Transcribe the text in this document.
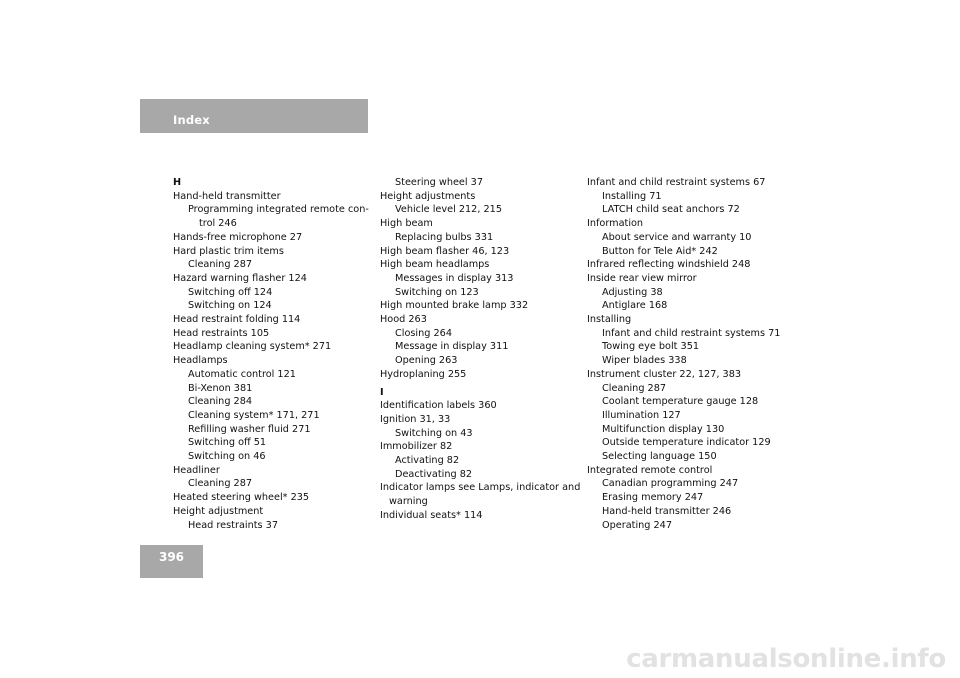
Index
H
Hand-held transmitter
Programming integrated remote con-
trol 246
Hands-free microphone 27
Hard plastic trim items
Cleaning 287
Hazard warning flasher 124
Switching off 124
Switching on 124
Head restraint folding 114
Head restraints 105
Headlamp cleaning system* 271
Headlamps
Automatic control 121
Bi-Xenon 381
Cleaning 284
Cleaning system* 171, 271
Refilling washer fluid 271
Switching off 51
Switching on 46
Headliner
Cleaning 287
Heated steering wheel* 235
Height adjustment
Head restraints 37
Steering wheel 37
Height adjustments
Vehicle level 212, 215
High beam
Replacing bulbs 331
High beam flasher 46, 123
High beam headlamps
Messages in display 313
Switching on 123
High mounted brake lamp 332
Hood 263
Closing 264
Message in display 311
Opening 263
Hydroplaning 255
I
Identification labels 360
Ignition 31, 33
Switching on 43
Immobilizer 82
Activating 82
Deactivating 82
Indicator lamps see Lamps, indicator and
warning
Individual seats* 114
Infant and child restraint systems 67
Installing 71
LATCH child seat anchors 72
Information
About service and warranty 10
Button for Tele Aid* 242
Infrared reflecting windshield 248
Inside rear view mirror
Adjusting 38
Antiglare 168
Installing
Infant and child restraint systems 71
Towing eye bolt 351
Wiper blades 338
Instrument cluster 22, 127, 383
Cleaning 287
Coolant temperature gauge 128
Illumination 127
Multifunction display 130
Outside temperature indicator 129
Selecting language 150
Integrated remote control
Canadian programming 247
Erasing memory 247
Hand-held transmitter 246
Operating 247
396
carmanualsonline.info
